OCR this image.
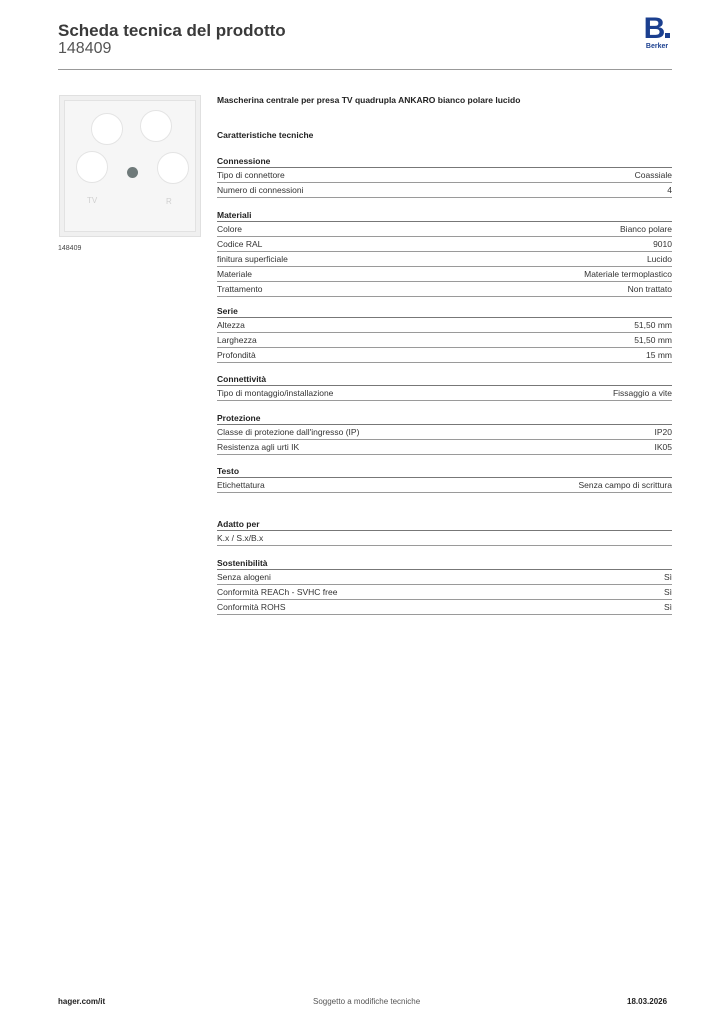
Scheda tecnica del prodotto
148409
B
Berker
TV	R
148409
Mascherina centrale per presa TV quadrupla ANKARO bianco polare lucido
Caratteristiche tecniche
Connessione
Tipo di connettore	Coassiale
Numero di connessioni	4
Materiali
Colore	Bianco polare
Codice RAL	9010
finitura superficiale	Lucido
Materiale	Materiale termoplastico
Trattamento	Non trattato
Serie
Altezza	51,50 mm
Larghezza	51,50 mm
Profondità	15 mm
Connettività
Tipo di montaggio/installazione	Fissaggio a vite
Protezione
Classe di protezione dall'ingresso (IP)	IP20
Resistenza agli urti IK	IK05
Testo
Etichettatura	Senza campo di scrittura
Adatto per
K.x / S.x/B.x
Sostenibilità
Senza alogeni	Sì
Conformità REACh - SVHC free	Sì
Conformità ROHS	Sì
hager.com/it	Soggetto a modifiche tecniche	18.03.2026
